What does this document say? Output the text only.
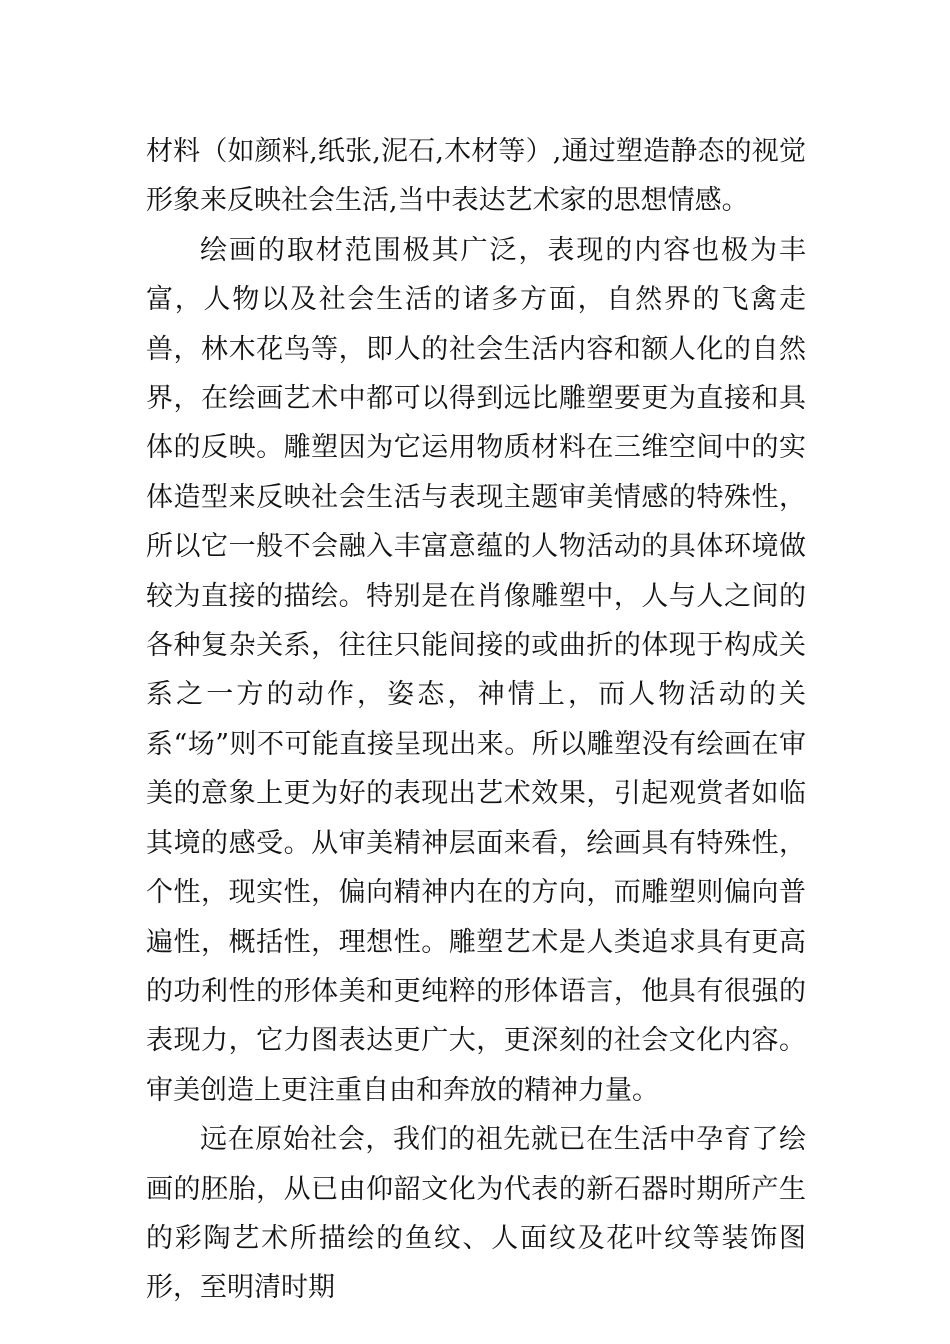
材料（如颜料,纸张,泥石,木材等）,通过塑造静态的视觉形象来反映社会生活,当中表达艺术家的思想情感。

绘画的取材范围极其广泛，表现的内容也极为丰富，人物以及社会生活的诸多方面，自然界的飞禽走兽，林木花鸟等，即人的社会生活内容和额人化的自然界，在绘画艺术中都可以得到远比雕塑要更为直接和具体的反映。雕塑因为它运用物质材料在三维空间中的实体造型来反映社会生活与表现主题审美情感的特殊性，所以它一般不会融入丰富意蕴的人物活动的具体环境做较为直接的描绘。特别是在肖像雕塑中，人与人之间的各种复杂关系，往往只能间接的或曲折的体现于构成关系之一方的动作，姿态，神情上，而人物活动的关系“场”则不可能直接呈现出来。所以雕塑没有绘画在审美的意象上更为好的表现出艺术效果，引起观赏者如临其境的感受。从审美精神层面来看，绘画具有特殊性，个性，现实性，偏向精神内在的方向，而雕塑则偏向普遍性，概括性，理想性。雕塑艺术是人类追求具有更高的功利性的形体美和更纯粹的形体语言，他具有很强的表现力，它力图表达更广大，更深刻的社会文化内容。审美创造上更注重自由和奔放的精神力量。

远在原始社会，我们的祖先就已在生活中孕育了绘画的胚胎，从已由仰韶文化为代表的新石器时期所产生的彩陶艺术所描绘的鱼纹、人面纹及花叶纹等装饰图形，至明清时期
